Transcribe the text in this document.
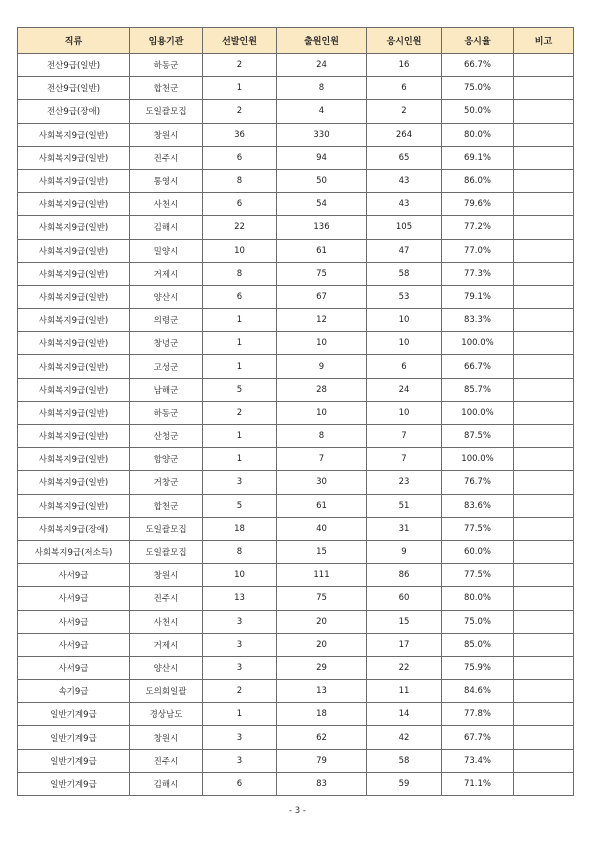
직류	임용기관	선발인원	출원인원	응시인원	응시율	비고
전산9급(일반)	하동군	2	24	16	66.7%	
전산9급(일반)	합천군	1	8	6	75.0%	
전산9급(장애)	도일괄모집	2	4	2	50.0%	
사회복지9급(일반)	창원시	36	330	264	80.0%	
사회복지9급(일반)	진주시	6	94	65	69.1%	
사회복지9급(일반)	통영시	8	50	43	86.0%	
사회복지9급(일반)	사천시	6	54	43	79.6%	
사회복지9급(일반)	김해시	22	136	105	77.2%	
사회복지9급(일반)	밀양시	10	61	47	77.0%	
사회복지9급(일반)	거제시	8	75	58	77.3%	
사회복지9급(일반)	양산시	6	67	53	79.1%	
사회복지9급(일반)	의령군	1	12	10	83.3%	
사회복지9급(일반)	창녕군	1	10	10	100.0%	
사회복지9급(일반)	고성군	1	9	6	66.7%	
사회복지9급(일반)	남해군	5	28	24	85.7%	
사회복지9급(일반)	하동군	2	10	10	100.0%	
사회복지9급(일반)	산청군	1	8	7	87.5%	
사회복지9급(일반)	함양군	1	7	7	100.0%	
사회복지9급(일반)	거창군	3	30	23	76.7%	
사회복지9급(일반)	합천군	5	61	51	83.6%	
사회복지9급(장애)	도일괄모집	18	40	31	77.5%	
사회복지9급(저소득)	도일괄모집	8	15	9	60.0%	
사서9급	창원시	10	111	86	77.5%	
사서9급	진주시	13	75	60	80.0%	
사서9급	사천시	3	20	15	75.0%	
사서9급	거제시	3	20	17	85.0%	
사서9급	양산시	3	29	22	75.9%	
속기9급	도의회일괄	2	13	11	84.6%	
일반기계9급	경상남도	1	18	14	77.8%	
일반기계9급	창원시	3	62	42	67.7%	
일반기계9급	진주시	3	79	58	73.4%	
일반기계9급	김해시	6	83	59	71.1%	
- 3 -
